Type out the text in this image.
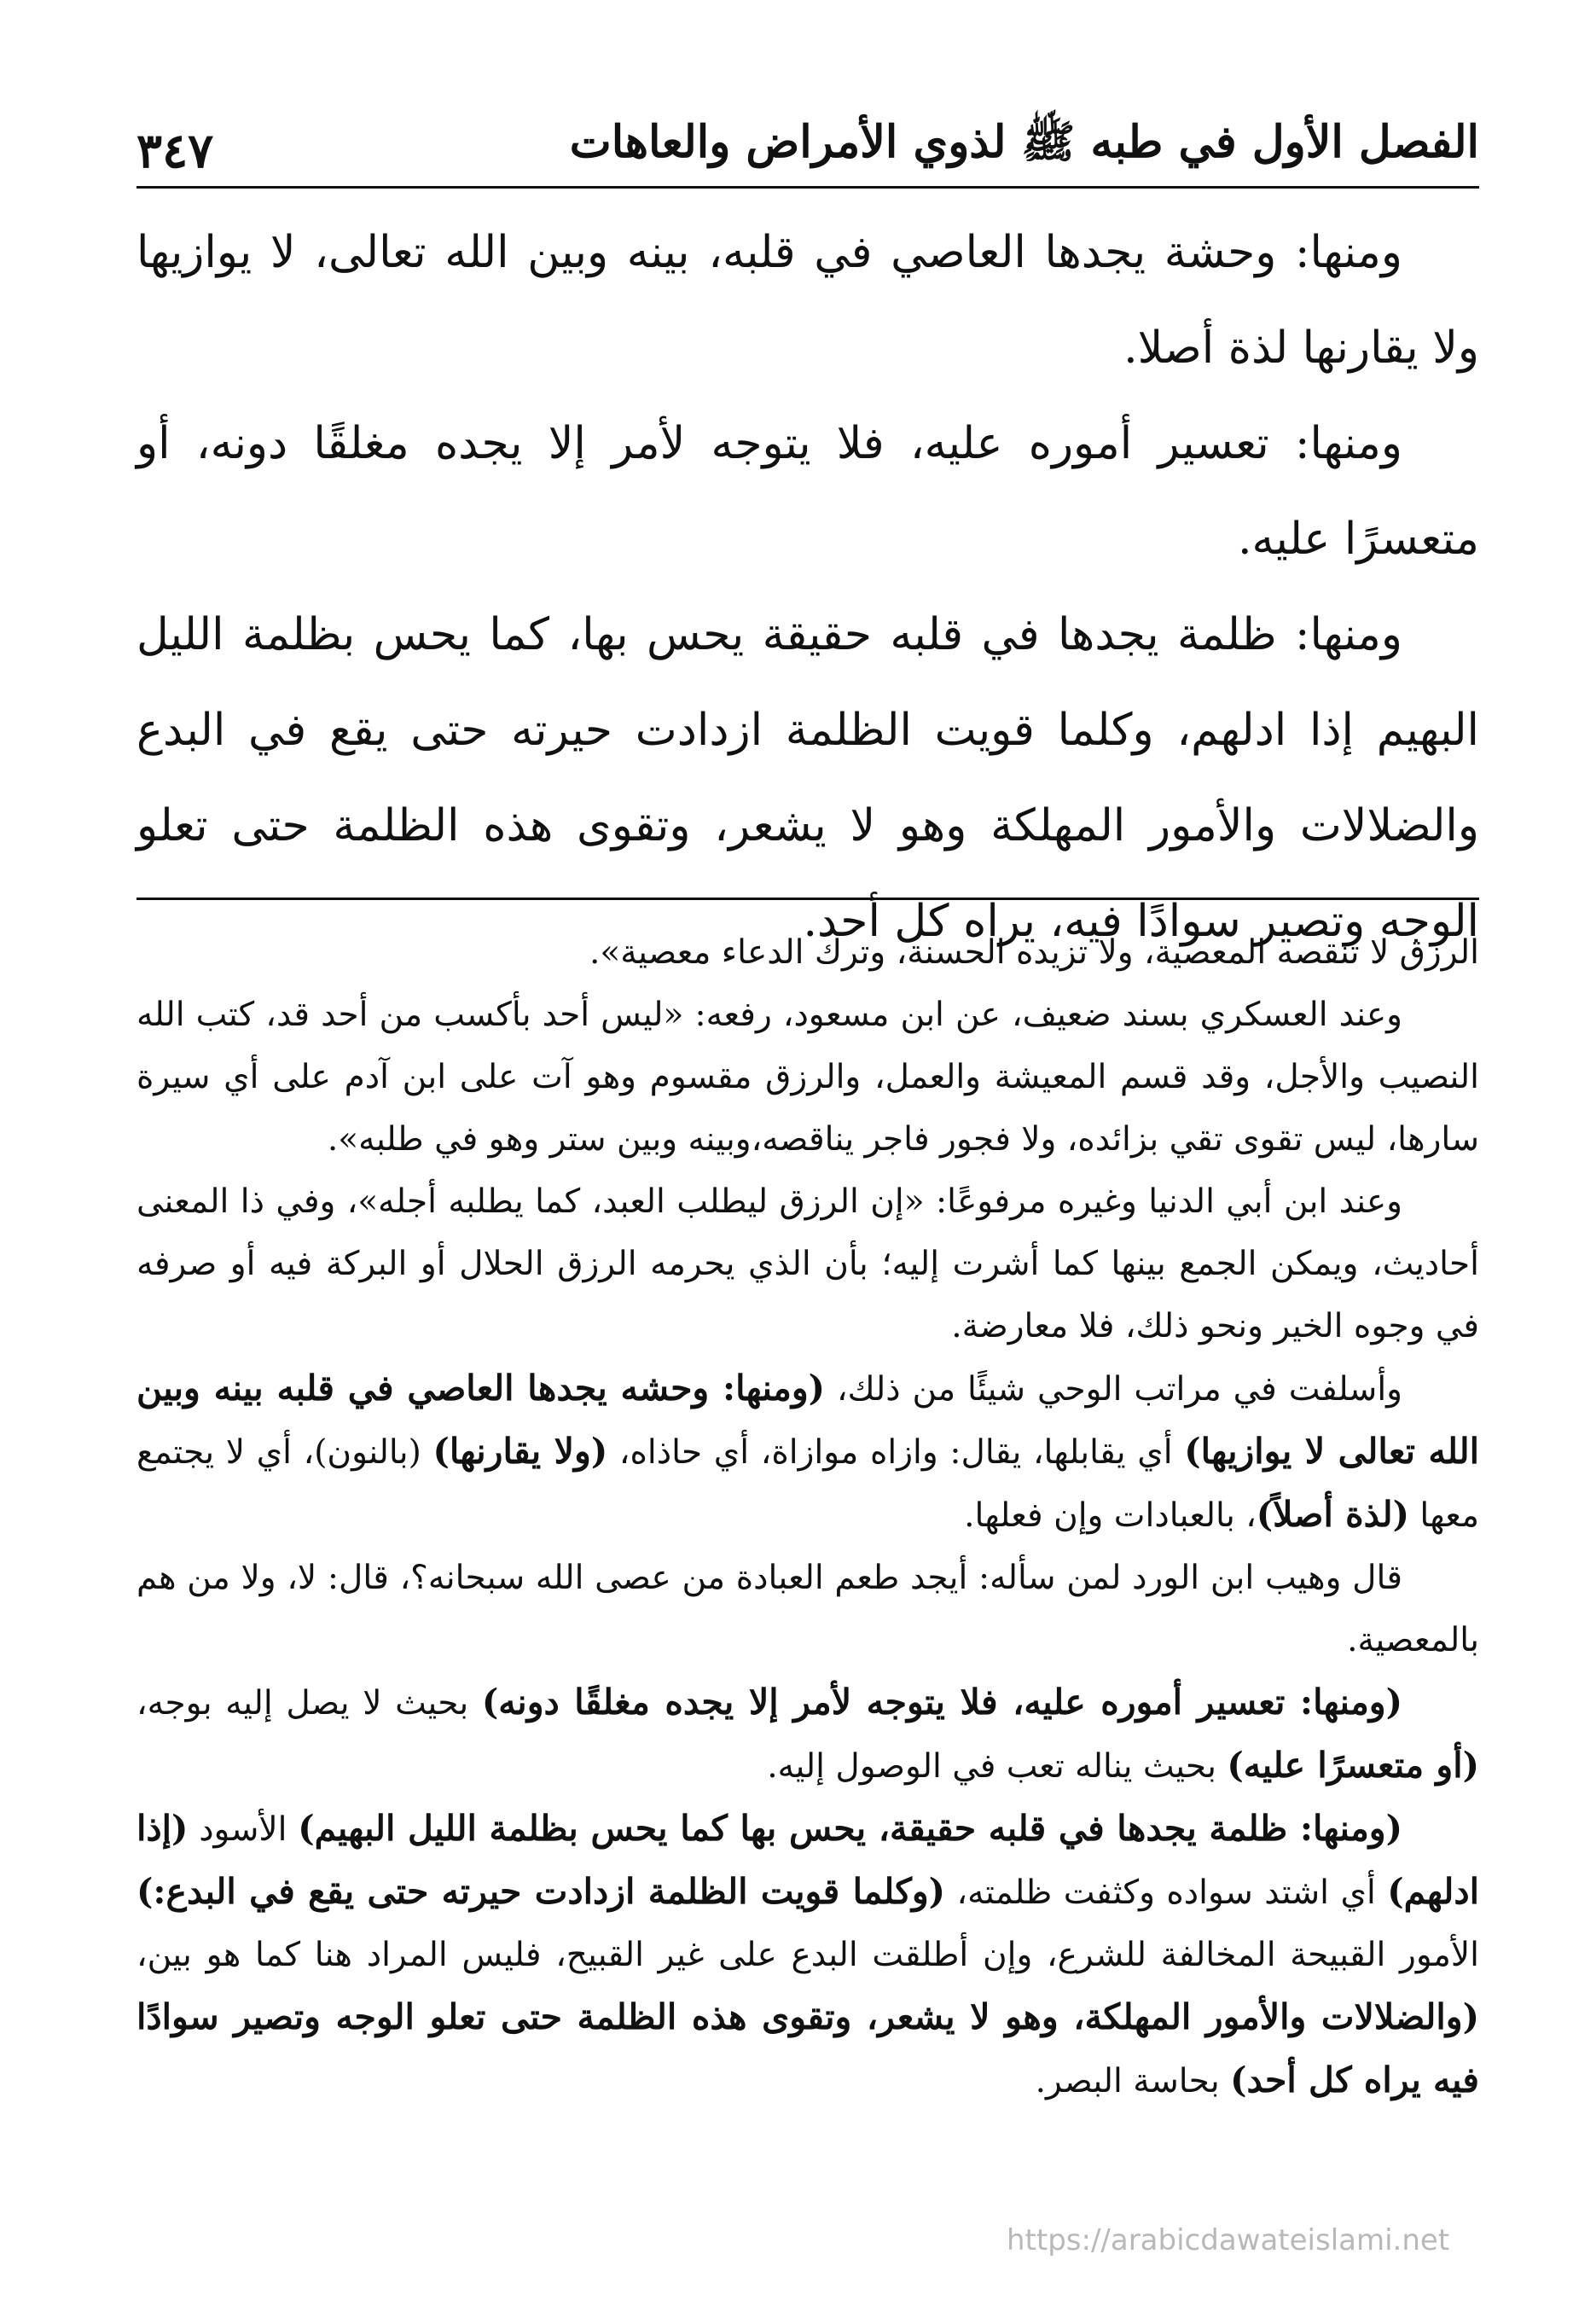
الفصل الأول في طبه ﷺ لذوي الأمراض والعاهات
٣٤٧

ومنها: وحشة يجدها العاصي في قلبه، بينه وبين الله تعالى، لا يوازيها ولا يقارنها لذة أصلا.

ومنها: تعسير أموره عليه، فلا يتوجه لأمر إلا يجده مغلقًا دونه، أو متعسرًا عليه.

ومنها: ظلمة يجدها في قلبه حقيقة يحس بها، كما يحس بظلمة الليل البهيم إذا ادلهم، وكلما قويت الظلمة ازدادت حيرته حتى يقع في البدع والضلالات والأمور المهلكة وهو لا يشعر، وتقوى هذه الظلمة حتى تعلو الوجه وتصير سوادًا فيه، يراه كل أحد.

الرزق لا تنقصه المعصية، ولا تزيده الحسنة، وترك الدعاء معصية».

وعند العسكري بسند ضعيف، عن ابن مسعود، رفعه: «ليس أحد بأكسب من أحد قد، كتب الله النصيب والأجل، وقد قسم المعيشة والعمل، والرزق مقسوم وهو آت على ابن آدم على أي سيرة سارها، ليس تقوى تقي بزائده، ولا فجور فاجر يناقصه،وبينه وبين ستر وهو في طلبه».

وعند ابن أبي الدنيا وغيره مرفوعًا: «إن الرزق ليطلب العبد، كما يطلبه أجله»، وفي ذا المعنى أحاديث، ويمكن الجمع بينها كما أشرت إليه؛ بأن الذي يحرمه الرزق الحلال أو البركة فيه أو صرفه في وجوه الخير ونحو ذلك، فلا معارضة.

وأسلفت في مراتب الوحي شيئًا من ذلك، (ومنها: وحشه يجدها العاصي في قلبه بينه وبين الله تعالى لا يوازيها) أي يقابلها، يقال: وازاه موازاة، أي حاذاه، (ولا يقارنها) (بالنون)، أي لا يجتمع معها (لذة أصلاً)، بالعبادات وإن فعلها.

قال وهيب ابن الورد لمن سأله: أيجد طعم العبادة من عصى الله سبحانه؟، قال: لا، ولا من هم بالمعصية.

(ومنها: تعسير أموره عليه، فلا يتوجه لأمر إلا يجده مغلقًا دونه) بحيث لا يصل إليه بوجه، (أو متعسرًا عليه) بحيث يناله تعب في الوصول إليه.

(ومنها: ظلمة يجدها في قلبه حقيقة، يحس بها كما يحس بظلمة الليل البهيم) الأسود (إذا ادلهم) أي اشتد سواده وكثفت ظلمته، (وكلما قويت الظلمة ازدادت حيرته حتى يقع في البدع:) الأمور القبيحة المخالفة للشرع، وإن أطلقت البدع على غير القبيح، فليس المراد هنا كما هو بين، (والضلالات والأمور المهلكة، وهو لا يشعر، وتقوى هذه الظلمة حتى تعلو الوجه وتصير سوادًا فيه يراه كل أحد) بحاسة البصر.

https://arabicdawateislami.net
